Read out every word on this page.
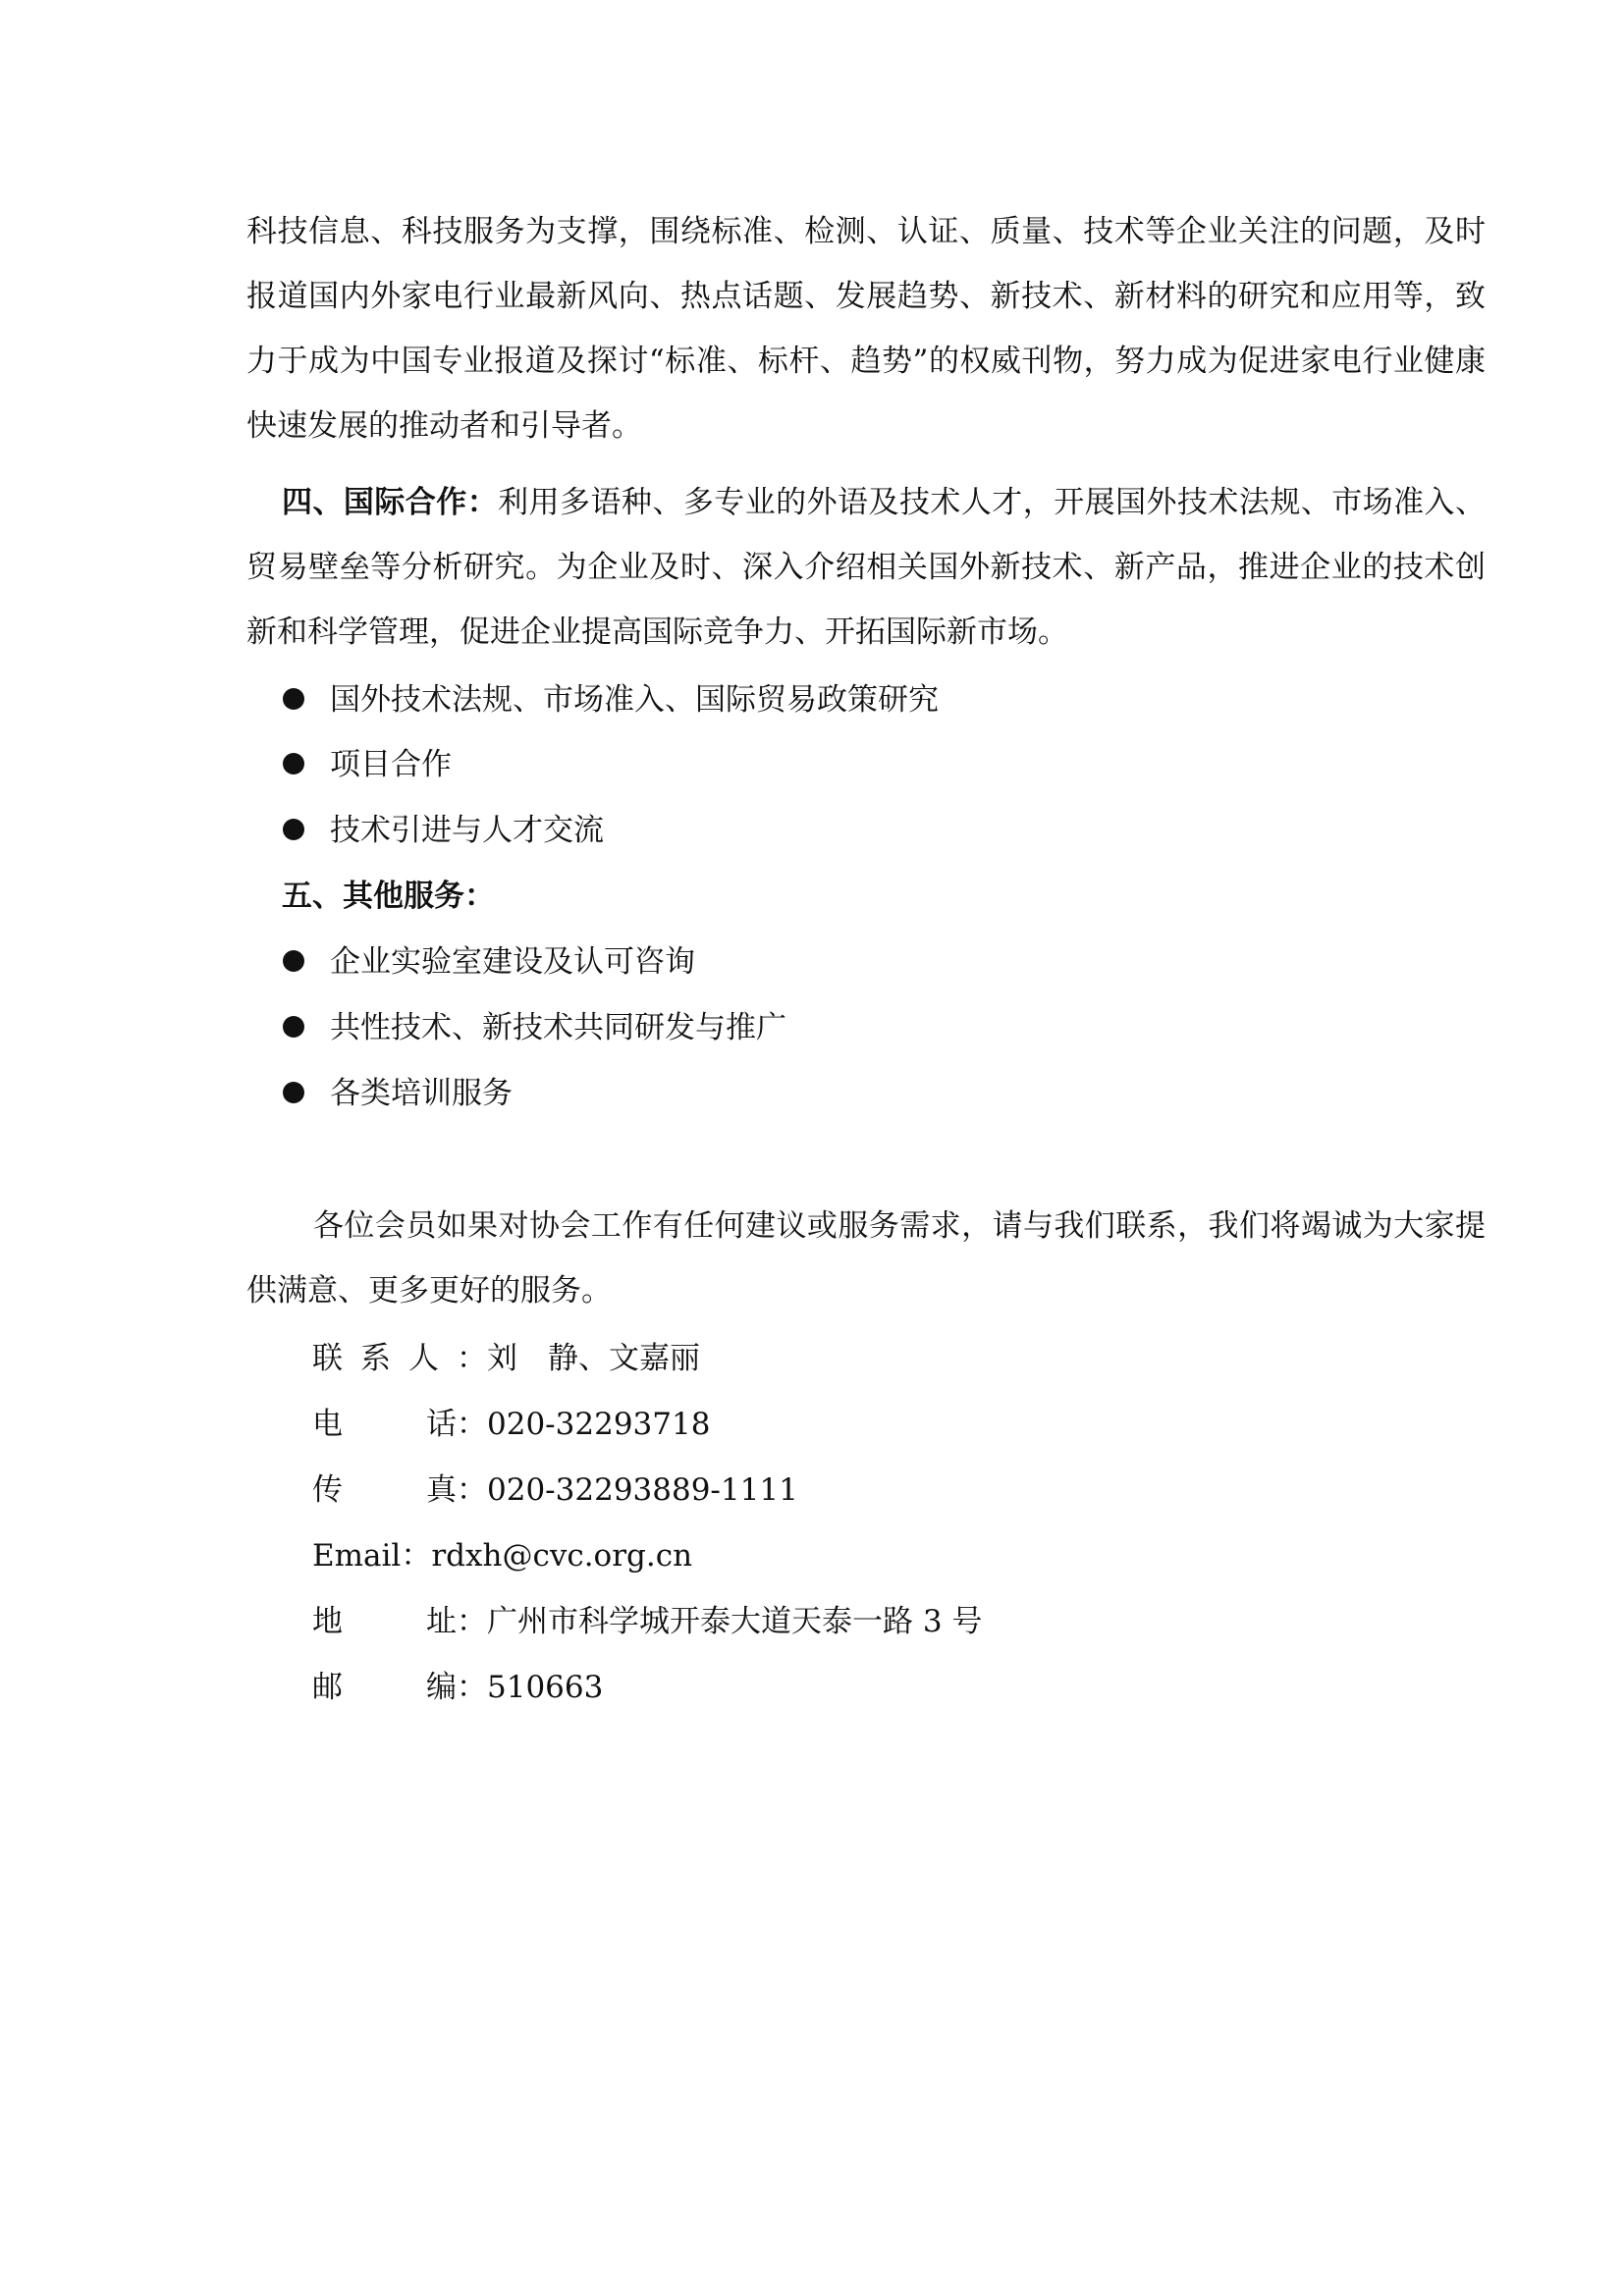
科技信息、科技服务为支撑，围绕标准、检测、认证、质量、技术等企业关注的问题，及时报道国内外家电行业最新风向、热点话题、发展趋势、新技术、新材料的研究和应用等，致力于成为中国专业报道及探讨“标准、标杆、趋势”的权威刊物，努力成为促进家电行业健康快速发展的推动者和引导者。

四、国际合作：利用多语种、多专业的外语及技术人才，开展国外技术法规、市场准入、贸易壁垒等分析研究。为企业及时、深入介绍相关国外新技术、新产品，推进企业的技术创新和科学管理，促进企业提高国际竞争力、开拓国际新市场。

国外技术法规、市场准入、国际贸易政策研究
项目合作
技术引进与人才交流
五、其他服务：
企业实验室建设及认可咨询
共性技术、新技术共同研发与推广
各类培训服务

各位会员如果对协会工作有任何建议或服务需求，请与我们联系，我们将竭诚为大家提供满意、更多更好的服务。

联系人 ：刘　静、文嘉丽
电	话 ：020-32293718
传	真 ：020-32293889-1111
Email：rdxh@cvc.org.cn
地	址 ：广州市科学城开泰大道天泰一路 3 号
邮	编 ：510663
